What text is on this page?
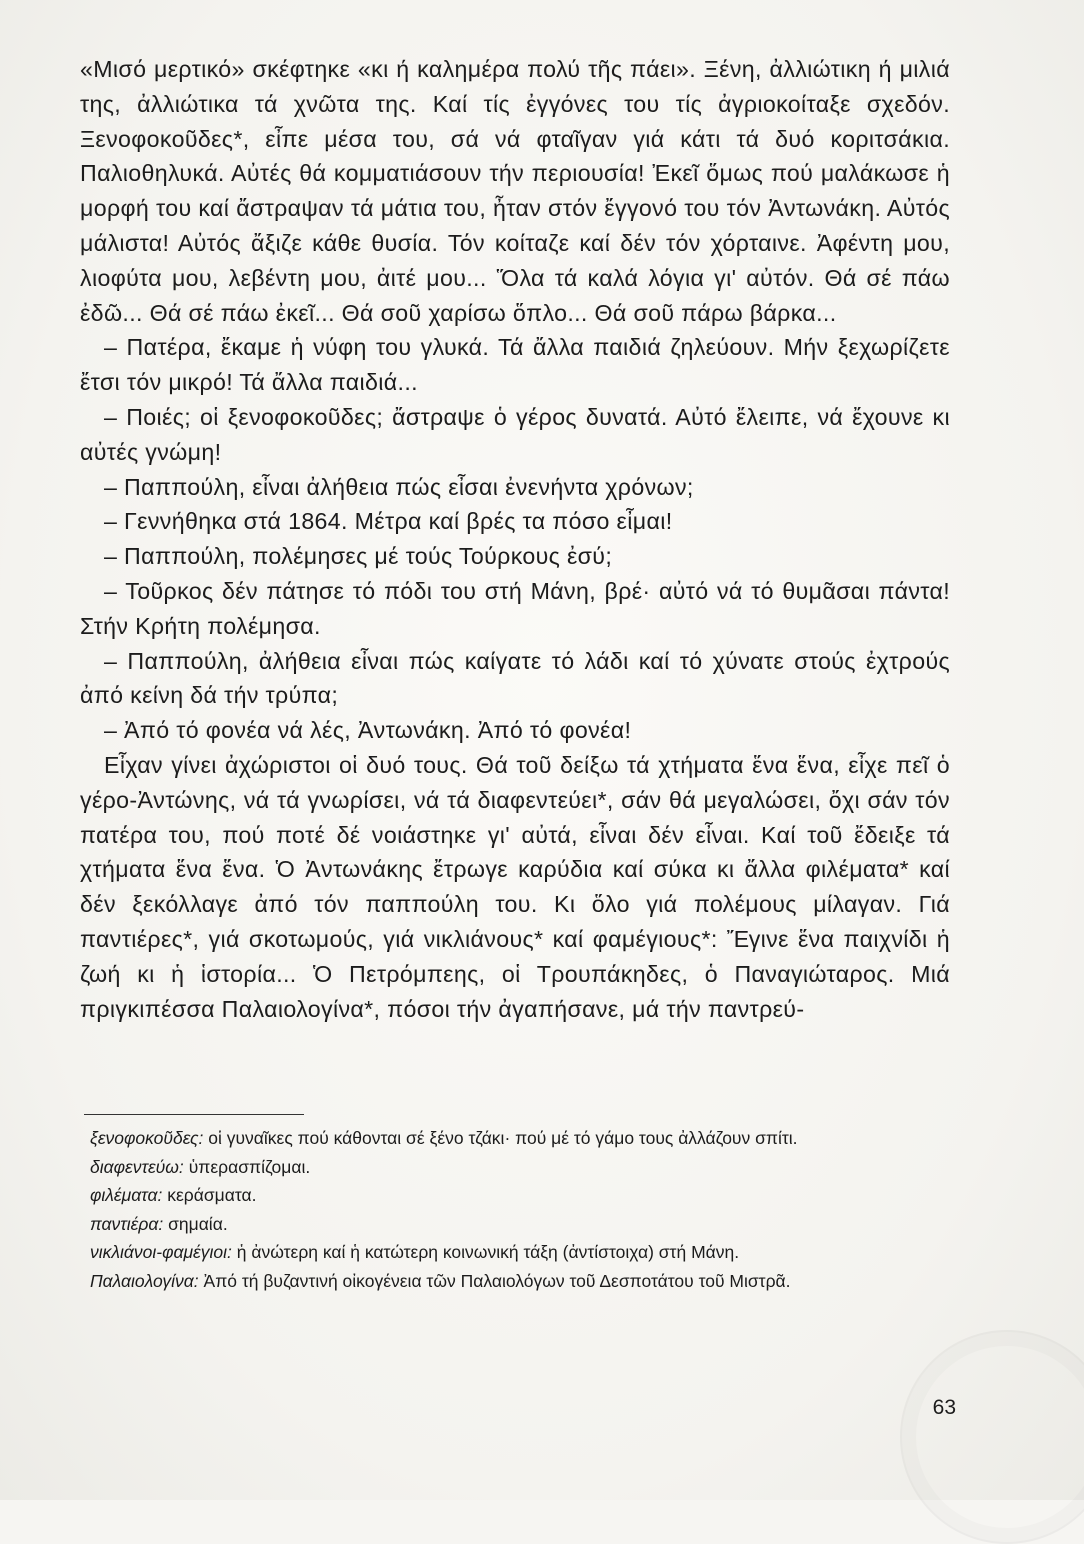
«Μισό μερτικό» σκέφτηκε «κι ή καλημέρα πολύ τῆς πάει». Ξένη, ἀλλιώτικη ή μιλιά της, ἀλλιώτικα τά χνῶτα της. Καί τίς ἐγγόνες του τίς ἀγριοκοίταξε σχεδόν. Ξενοφοκοῦδες*, εἶπε μέσα του, σά νά φταῖγαν γιά κάτι τά δυό κοριτσάκια. Παλιοθηλυκά. Αὐτές θά κομματιάσουν τήν περιουσία! Ἐκεῖ ὅμως πού μαλάκωσε ἡ μορφή του καί ἄστραψαν τά μάτια του, ἦταν στόν ἔγγονό του τόν Ἀντωνάκη. Αὐτός μάλιστα! Αὐτός ἄξιζε κάθε θυσία. Τόν κοίταζε καί δέν τόν χόρταινε. Ἀφέντη μου, λιοφύτα μου, λεβέντη μου, ἀιτέ μου... Ὅλα τά καλά λόγια γι' αὐτόν. Θά σέ πάω ἐδῶ... Θά σέ πάω ἐκεῖ... Θά σοῦ χαρίσω ὅπλο... Θά σοῦ πάρω βάρκα...

– Πατέρα, ἔκαμε ἡ νύφη του γλυκά. Τά ἄλλα παιδιά ζηλεύουν. Μήν ξεχωρίζετε ἔτσι τόν μικρό! Τά ἄλλα παιδιά...

– Ποιές; οἱ ξενοφοκοῦδες; ἄστραψε ὁ γέρος δυνατά. Αὐτό ἔλειπε, νά ἔχουνε κι αὐτές γνώμη!

– Παππούλη, εἶναι ἀλήθεια πώς εἶσαι ἐνενήντα χρόνων;

– Γεννήθηκα στά 1864. Μέτρα καί βρές τα πόσο εἶμαι!

– Παππούλη, πολέμησες μέ τούς Τούρκους ἐσύ;

– Τοῦρκος δέν πάτησε τό πόδι του στή Μάνη, βρέ· αὐτό νά τό θυμᾶσαι πάντα! Στήν Κρήτη πολέμησα.

– Παππούλη, ἀλήθεια εἶναι πώς καίγατε τό λάδι καί τό χύνατε στούς ἐχτρούς ἀπό κείνη δά τήν τρύπα;

– Ἀπό τό φονέα νά λές, Ἀντωνάκη. Ἀπό τό φονέα!

Εἶχαν γίνει ἀχώριστοι οἱ δυό τους. Θά τοῦ δείξω τά χτήματα ἕνα ἕνα, εἶχε πεῖ ὁ γέρο-Ἀντώνης, νά τά γνωρίσει, νά τά διαφεντεύει*, σάν θά μεγαλώσει, ὄχι σάν τόν πατέρα του, πού ποτέ δέ νοιάστηκε γι' αὐτά, εἶναι δέν εἶναι. Καί τοῦ ἔδειξε τά χτήματα ἕνα ἕνα. Ὁ Ἀντωνάκης ἔτρωγε καρύδια καί σύκα κι ἄλλα φιλέματα* καί δέν ξεκόλλαγε ἀπό τόν παππούλη του. Κι ὅλο γιά πολέμους μίλαγαν. Γιά παντιέρες*, γιά σκοτωμούς, γιά νικλιάνους* καί φαμέγιους*: Ἔγινε ἕνα παιχνίδι ἡ ζωή κι ἡ ἱστορία... Ὁ Πετρόμπεης, οἱ Τρουπάκηδες, ὁ Παναγιώταρος. Μιά πριγκιπέσσα Παλαιολογίνα*, πόσοι τήν ἀγαπήσανε, μά τήν παντρεύ-

ξενοφοκοῦδες: οἱ γυναῖκες πού κάθονται σέ ξένο τζάκι· πού μέ τό γάμο τους ἀλλάζουν σπίτι.

διαφεντεύω: ὑπερασπίζομαι.

φιλέματα: κεράσματα.

παντιέρα: σημαία.

νικλιάνοι-φαμέγιοι: ἡ ἀνώτερη καί ἡ κατώτερη κοινωνική τάξη (ἀντίστοιχα) στή Μάνη.

Παλαιολογίνα: Ἀπό τή βυζαντινή οἰκογένεια τῶν Παλαιολόγων τοῦ Δεσποτάτου τοῦ Μιστρᾶ.

63
